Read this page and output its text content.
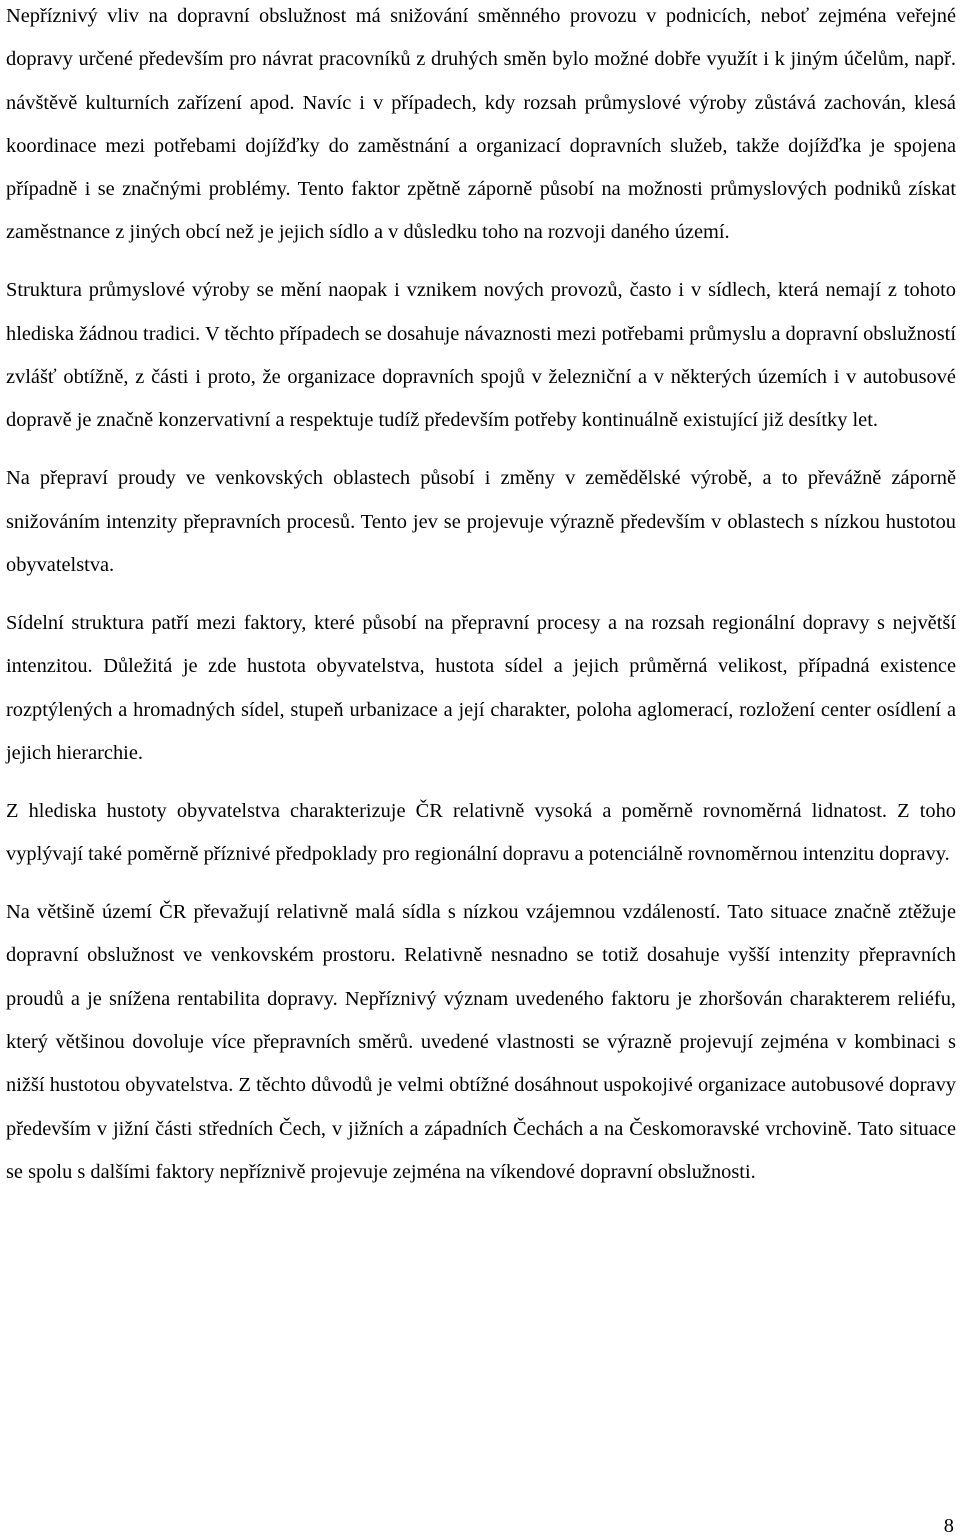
Nepříznivý vliv na dopravní obslužnost má snižování směnného provozu v podnicích, neboť zejména veřejné dopravy určené především pro návrat pracovníků z druhých směn bylo možné dobře využít i k jiným účelům, např. návštěvě kulturních zařízení apod. Navíc i v případech, kdy rozsah průmyslové výroby zůstává zachován, klesá koordinace mezi potřebami dojížďky do zaměstnání a organizací dopravních služeb, takže dojížďka je spojena případně i se značnými problémy. Tento faktor zpětně záporně působí na možnosti průmyslových podniků získat zaměstnance z jiných obcí než je jejich sídlo a v důsledku toho na rozvoji daného území.

Struktura průmyslové výroby se mění naopak i vznikem nových provozů, často i v sídlech, která nemají z tohoto hlediska žádnou tradici. V těchto případech se dosahuje návaznosti mezi potřebami průmyslu a dopravní obslužností zvlášť obtížně, z části i proto, že organizace dopravních spojů v železniční a v některých územích i v autobusové dopravě je značně konzervativní a respektuje tudíž především potřeby kontinuálně existující již desítky let.

Na přepraví proudy ve venkovských oblastech působí i změny v zemědělské výrobě, a to převážně záporně snižováním intenzity přepravních procesů. Tento jev se projevuje výrazně především v oblastech s nízkou hustotou obyvatelstva.

Sídelní struktura patří mezi faktory, které působí na přepravní procesy a na rozsah regionální dopravy s největší intenzitou. Důležitá je zde hustota obyvatelstva, hustota sídel a jejich průměrná velikost, případná existence rozptýlených a hromadných sídel, stupeň urbanizace a její charakter, poloha aglomerací, rozložení center osídlení a jejich hierarchie.

Z hlediska hustoty obyvatelstva charakterizuje ČR relativně vysoká a poměrně rovnoměrná lidnatost. Z toho vyplývají také poměrně příznivé předpoklady pro regionální dopravu a potenciálně rovnoměrnou intenzitu dopravy.

Na většině území ČR převažují relativně malá sídla s nízkou vzájemnou vzdáleností. Tato situace značně ztěžuje dopravní obslužnost ve venkovském prostoru. Relativně nesnadno se totiž dosahuje vyšší intenzity přepravních proudů a je snížena rentabilita dopravy. Nepříznivý význam uvedeného faktoru je zhoršován charakterem reliéfu, který většinou dovoluje více přepravních směrů. uvedené vlastnosti se výrazně projevují zejména v kombinaci s nižší hustotou obyvatelstva. Z těchto důvodů je velmi obtížné dosáhnout uspokojivé organizace autobusové dopravy především v jižní části středních Čech, v jižních a západních Čechách a na Českomoravské vrchovině. Tato situace se spolu s dalšími faktory nepříznivě projevuje zejména na víkendové dopravní obslužnosti.

8
